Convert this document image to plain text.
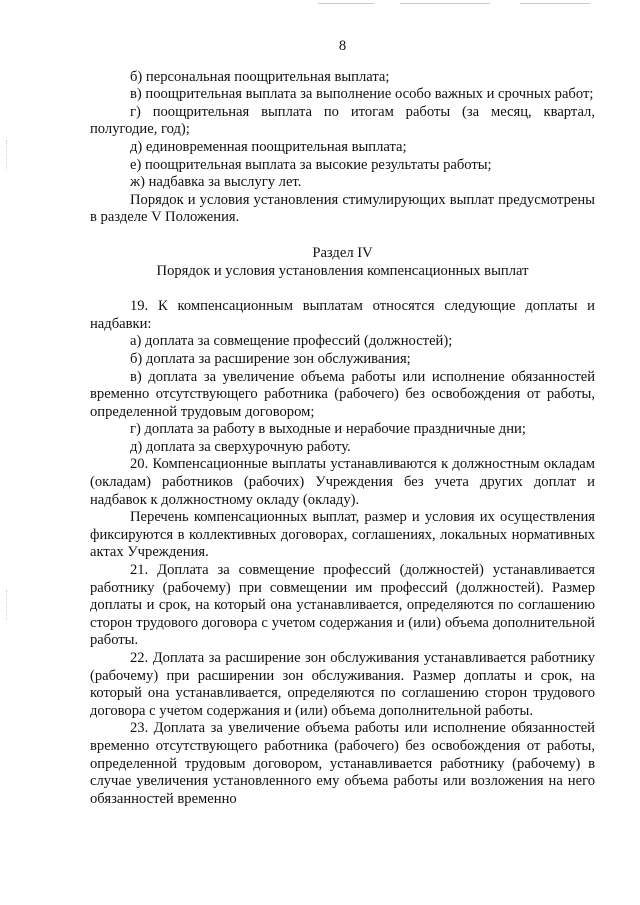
8

б) персональная поощрительная выплата;

в) поощрительная выплата за выполнение особо важных и срочных работ;

г) поощрительная выплата по итогам работы (за месяц, квартал, полугодие, год);

д) единовременная поощрительная выплата;

е) поощрительная выплата за высокие результаты работы;

ж) надбавка за выслугу лет.

Порядок и условия установления стимулирующих выплат предусмотрены в разделе V Положения.

Раздел IV

Порядок и условия установления компенсационных выплат

19. К компенсационным выплатам относятся следующие доплаты и надбавки:

а) доплата за совмещение профессий (должностей);

б) доплата за расширение зон обслуживания;

в) доплата за увеличение объема работы или исполнение обязанностей временно отсутствующего работника (рабочего) без освобождения от работы, определенной трудовым договором;

г) доплата за работу в выходные и нерабочие праздничные дни;

д) доплата за сверхурочную работу.

20. Компенсационные выплаты устанавливаются к должностным окладам (окладам) работников (рабочих) Учреждения без учета других доплат и надбавок к должностному окладу (окладу).

Перечень компенсационных выплат, размер и условия их осуществления фиксируются в коллективных договорах, соглашениях, локальных нормативных актах Учреждения.

21. Доплата за совмещение профессий (должностей) устанавливается работнику (рабочему) при совмещении им профессий (должностей). Размер доплаты и срок, на который она устанавливается, определяются по соглашению сторон трудового договора с учетом содержания и (или) объема дополнительной работы.

22. Доплата за расширение зон обслуживания устанавливается работнику (рабочему) при расширении зон обслуживания. Размер доплаты и срок, на который она устанавливается, определяются по соглашению сторон трудового договора с учетом содержания и (или) объема дополнительной работы.

23. Доплата за увеличение объема работы или исполнение обязанностей временно отсутствующего работника (рабочего) без освобождения от работы, определенной трудовым договором, устанавливается работнику (рабочему) в случае увеличения установленного ему объема работы или возложения на него обязанностей временно
